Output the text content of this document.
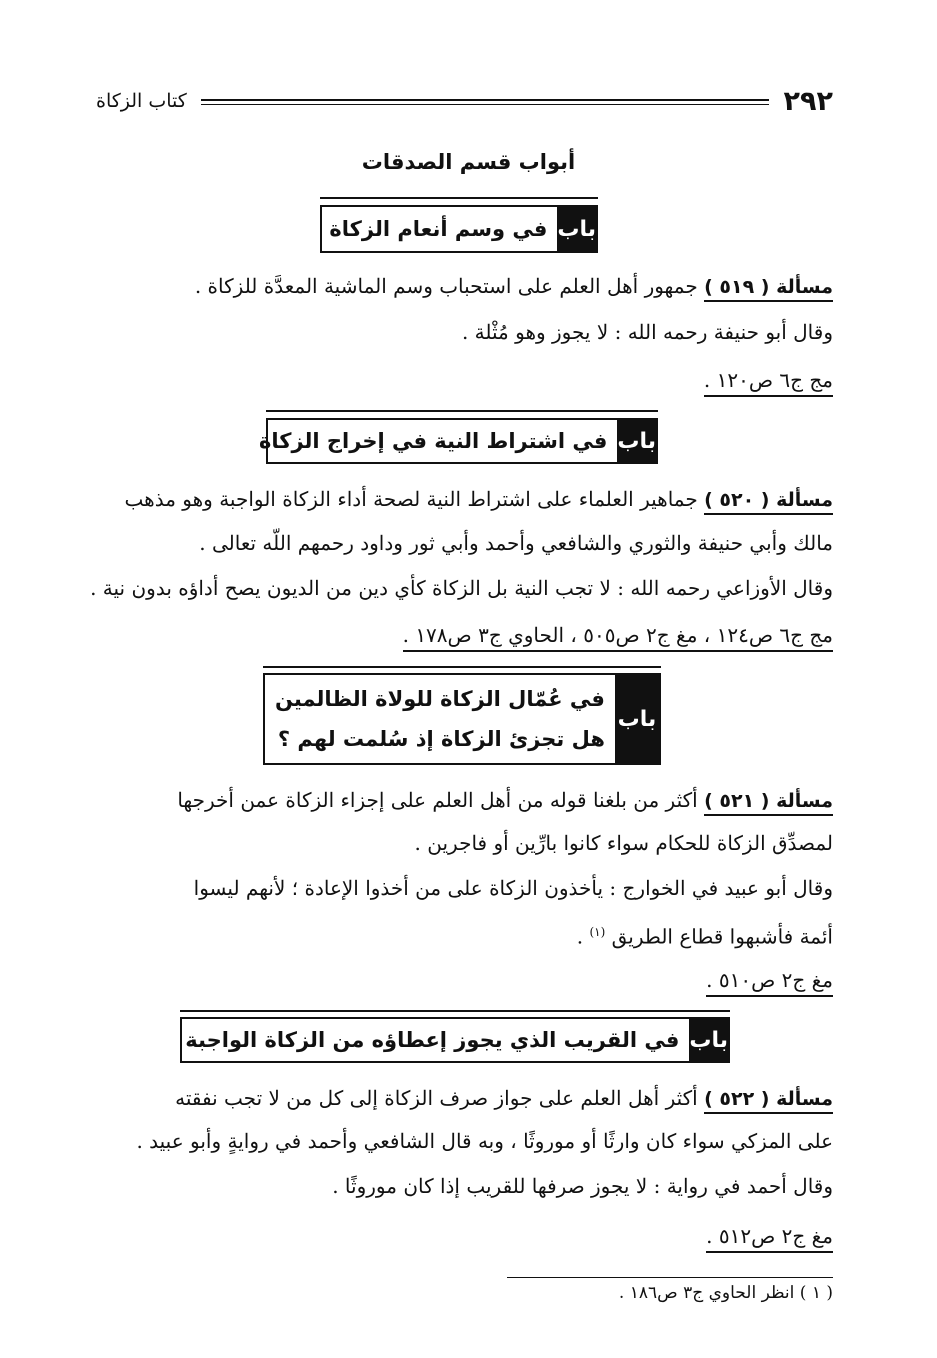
٢٩٢
كتاب الزكاة
أبواب قسم الصدقات
باب
في وسم أنعام الزكاة
مسألة ( ٥١٩ ) جمهور أهل العلم على استحباب وسم الماشية المعدَّة للزكاة .
وقال أبو حنيفة رحمه الله : لا يجوز وهو مُثْلة .
مج ج٦ ص١٢٠ .
باب
في اشتراط النية في إخراج الزكاة
مسألة ( ٥٢٠ ) جماهير العلماء على اشتراط النية لصحة أداء الزكاة الواجبة وهو مذهب
مالك وأبي حنيفة والثوري والشافعي وأحمد وأبي ثور وداود رحمهم اللّه تعالى .
وقال الأوزاعي رحمه الله : لا تجب النية بل الزكاة كأي دين من الديون يصح أداؤه بدون نية .
مج ج٦ ص١٢٤ ، مغ ج٢ ص٥٠٥ ، الحاوي ج٣ ص١٧٨ .
باب
في عُمّال الزكاة للولاة الظالمين
هل تجزئ الزكاة إذ سُلمت لهم ؟
مسألة ( ٥٢١ ) أكثر من بلغنا قوله من أهل العلم على إجزاء الزكاة عمن أخرجها
لمصدِّق الزكاة للحكام سواء كانوا بارِّين أو فاجرين .
وقال أبو عبيد في الخوارج : يأخذون الزكاة على من أخذوا الإعادة ؛ لأنهم ليسوا
أئمة فأشبهوا قطاع الطريق $^{(١)}$ .
مغ ج٢ ص٥١٠ .
باب
في القريب الذي يجوز إعطاؤه من الزكاة الواجبة
مسألة ( ٥٢٢ ) أكثر أهل العلم على جواز صرف الزكاة إلى كل من لا تجب نفقته
على المزكي سواء كان وارثًا أو موروثًا ، وبه قال الشافعي وأحمد في روايةٍ وأبو عبيد .
وقال أحمد في رواية : لا يجوز صرفها للقريب إذا كان موروثًا .
مغ ج٢ ص٥١٢ .
( ١ ) انظر الحاوي ج٣ ص١٨٦ .
